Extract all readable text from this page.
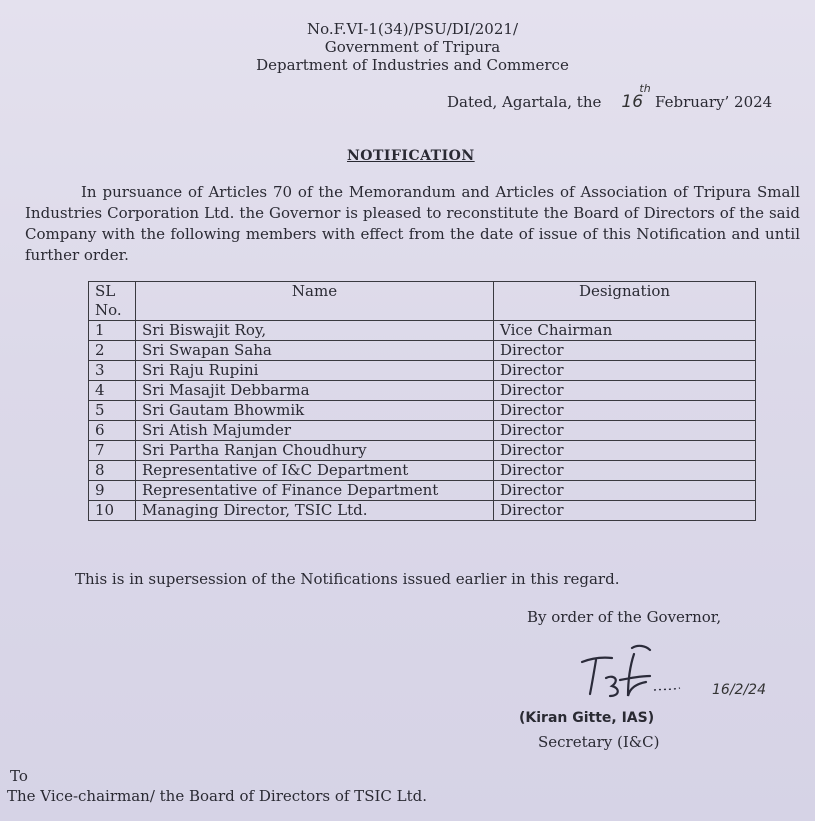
No.F.VI-1(34)/PSU/DI/2021/
Government of Tripura
Department of Industries and Commerce
Dated, Agartala, the 16
th
February’ 2024
NOTIFICATION
In pursuance of Articles 70 of the Memorandum and Articles of Association of Tripura Small Industries Corporation Ltd. the Governor is pleased to reconstitute the Board of Directors of the said Company with the following members with effect from the date of issue of this Notification and until further order.
SL
No.	Name	Designation
1	Sri Biswajit Roy,	Vice Chairman
2	Sri Swapan Saha	Director
3	Sri Raju Rupini	Director
4	Sri Masajit Debbarma	Director
5	Sri Gautam Bhowmik	Director
6	Sri Atish Majumder	Director
7	Sri Partha Ranjan Choudhury	Director
8	Representative of I&C Department	Director
9	Representative of Finance Department	Director
10	Managing Director, TSIC Ltd.	Director
This is in supersession of the Notifications issued earlier in this regard.
By order of the Governor,
16/2/24
(Kiran Gitte, IAS)
Secretary (I&C)
To
The Vice-chairman/ the Board of Directors of TSIC Ltd.
